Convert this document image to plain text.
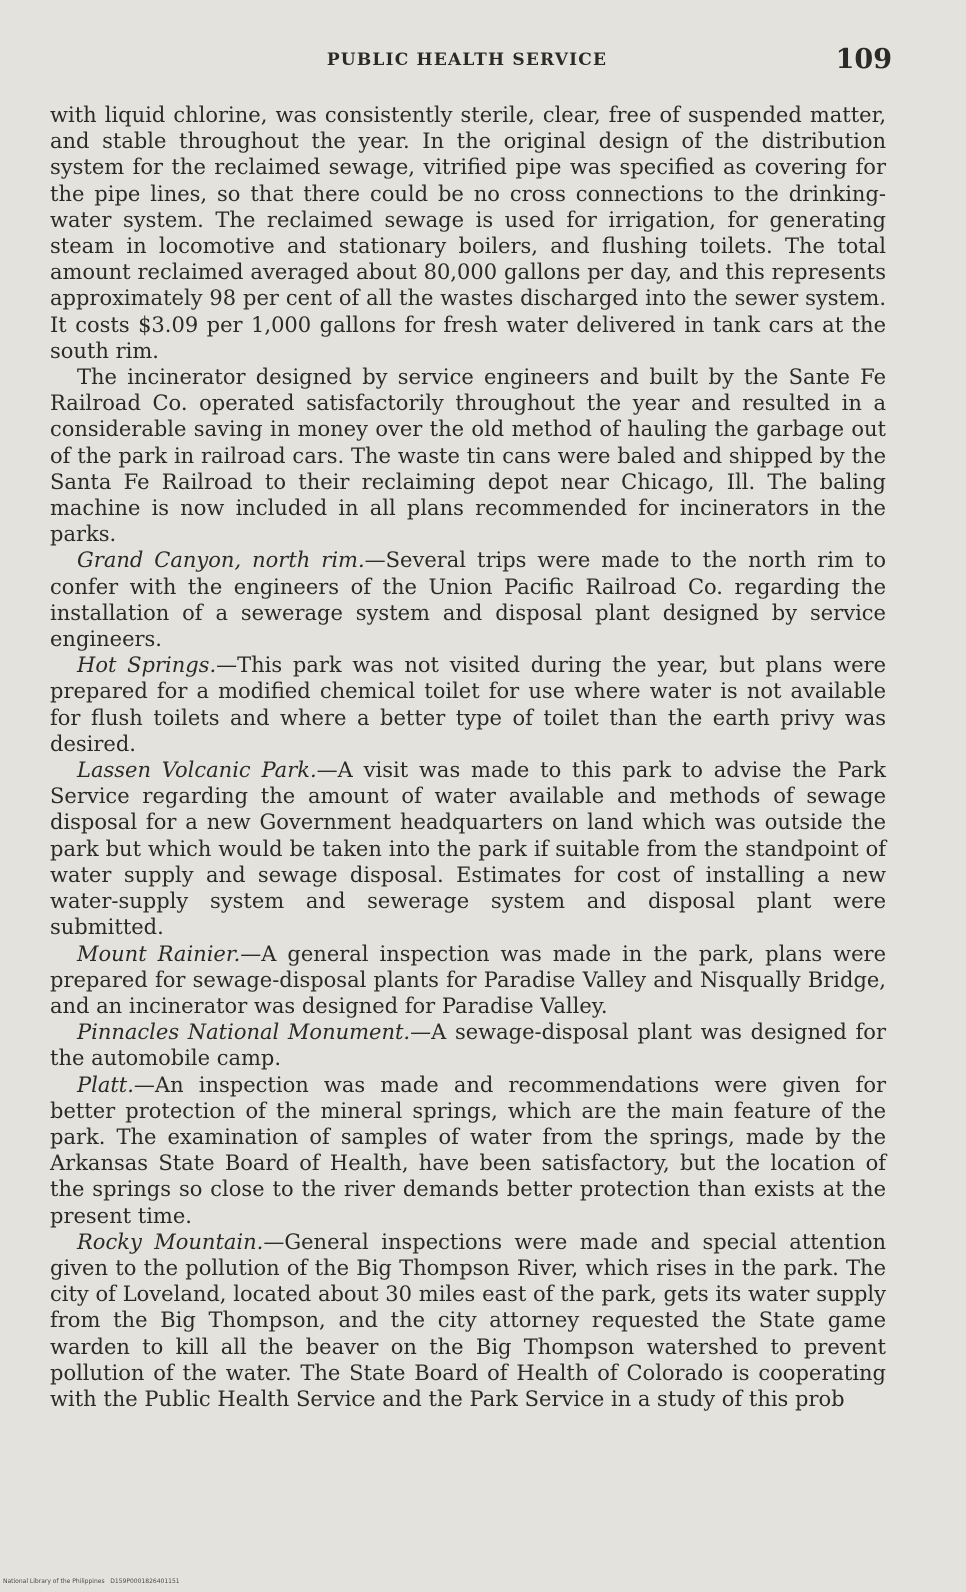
PUBLIC HEALTH SERVICE	109

with liquid chlorine, was consistently sterile, clear, free of suspended matter, and stable throughout the year. In the original design of the distribution system for the reclaimed sewage, vitrified pipe was specified as covering for the pipe lines, so that there could be no cross connections to the drinking-water system. The reclaimed sewage is used for irrigation, for generating steam in locomotive and stationary boilers, and flushing toilets. The total amount reclaimed averaged about 80,000 gallons per day, and this represents approximately 98 per cent of all the wastes discharged into the sewer system. It costs $3.09 per 1,000 gallons for fresh water delivered in tank cars at the south rim.

The incinerator designed by service engineers and built by the Sante Fe Railroad Co. operated satisfactorily throughout the year and resulted in a considerable saving in money over the old method of hauling the garbage out of the park in railroad cars. The waste tin cans were baled and shipped by the Santa Fe Railroad to their reclaiming depot near Chicago, Ill. The baling machine is now included in all plans recommended for incinerators in the parks.

Grand Canyon, north rim.—Several trips were made to the north rim to confer with the engineers of the Union Pacific Railroad Co. regarding the installation of a sewerage system and disposal plant designed by service engineers.

Hot Springs.—This park was not visited during the year, but plans were prepared for a modified chemical toilet for use where water is not available for flush toilets and where a better type of toilet than the earth privy was desired.

Lassen Volcanic Park.—A visit was made to this park to advise the Park Service regarding the amount of water available and methods of sewage disposal for a new Government headquarters on land which was outside the park but which would be taken into the park if suitable from the standpoint of water supply and sewage disposal. Estimates for cost of installing a new water-supply system and sewerage system and disposal plant were submitted.

Mount Rainier.—A general inspection was made in the park, plans were prepared for sewage-disposal plants for Paradise Valley and Nisqually Bridge, and an incinerator was designed for Paradise Valley.

Pinnacles National Monument.—A sewage-disposal plant was designed for the automobile camp.

Platt.—An inspection was made and recommendations were given for better protection of the mineral springs, which are the main feature of the park. The examination of samples of water from the springs, made by the Arkansas State Board of Health, have been satisfactory, but the location of the springs so close to the river demands better protection than exists at the present time.

Rocky Mountain.—General inspections were made and special attention given to the pollution of the Big Thompson River, which rises in the park. The city of Loveland, located about 30 miles east of the park, gets its water supply from the Big Thompson, and the city attorney requested the State game warden to kill all the beaver on the Big Thompson watershed to prevent pollution of the water. The State Board of Health of Colorado is cooperating with the Public Health Service and the Park Service in a study of this prob

National Library of the Philippines   D159P0001826401151
